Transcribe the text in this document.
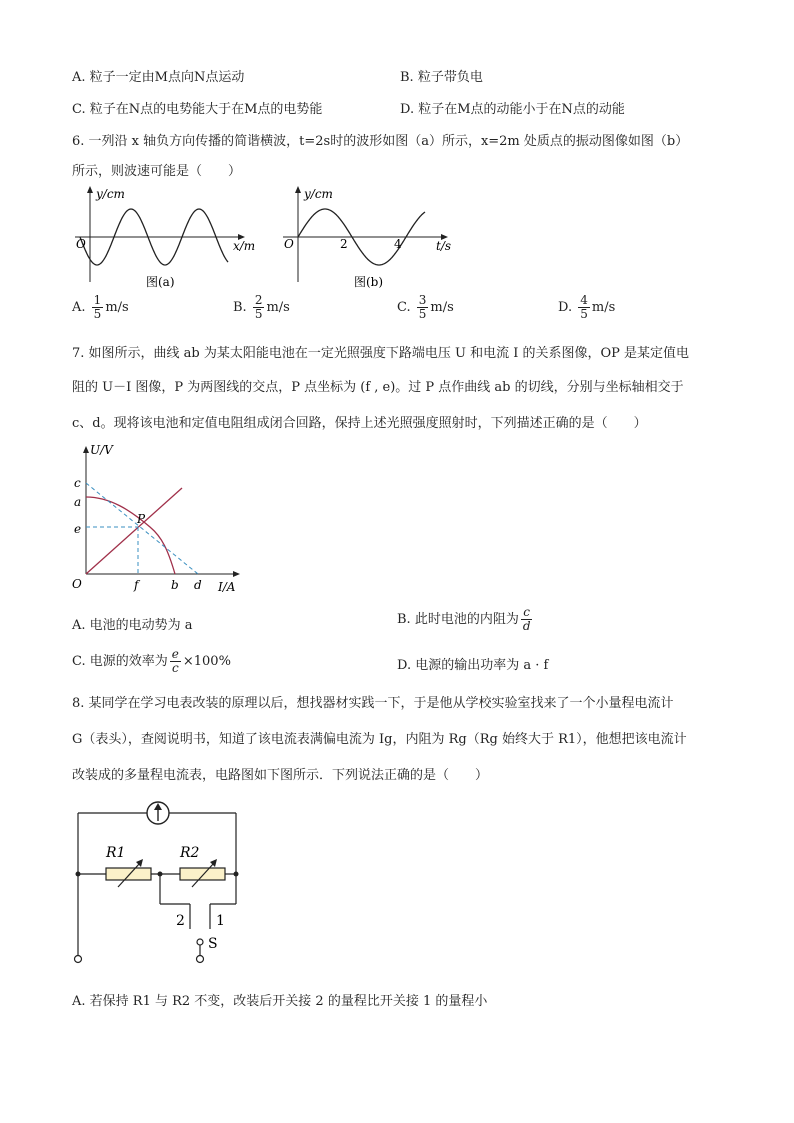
A. 粒子一定由M点向N点运动	B. 粒子带负电
C. 粒子在N点的电势能大于在M点的电势能	D. 粒子在M点的动能小于在N点的动能
6. 一列沿 x 轴负方向传播的简谐横波，t=2s时的波形如图（a）所示，x=2m 处质点的振动图像如图（b）
所示，则波速可能是（　　）
y/cm
O	x/m
图(a)
y/cm
O	2	4	t/s
图(b)
A. $\frac{1}{5} m/s$	B. $\frac{2}{5} m/s$	C. $\frac{3}{5} m/s$	D. $\frac{4}{5} m/s$
7. 如图所示，曲线 ab 为某太阳能电池在一定光照强度下路端电压 U 和电流 I 的关系图像，OP 是某定值电
阻的 U－I 图像，P 为两图线的交点，P 点坐标为 (f , e)。过 P 点作曲线 ab 的切线，分别与坐标轴相交于
c、d。现将该电池和定值电阻组成闭合回路，保持上述光照强度照射时，下列描述正确的是（　　）
U/V
c
a
e
P
O	f	b d I/A
A. 电池的电动势为 a	B. 此时电池的内阻为 $\frac{c}{d}$
C. 电源的效率为 $\frac{e}{c} \times 100\%$	D. 电源的输出功率为 a · f
8. 某同学在学习电表改装的原理以后，想找器材实践一下，于是他从学校实验室找来了一个小量程电流计
G（表头），查阅说明书，知道了该电流表满偏电流为 Ig，内阻为 Rg（Rg 始终大于 R1），他想把该电流计
改装成的多量程电流表，电路图如下图所示．下列说法正确的是（　　）
R1	R2
2 1
S
A. 若保持 R1 与 R2 不变，改装后开关接 2 的量程比开关接 1 的量程小
